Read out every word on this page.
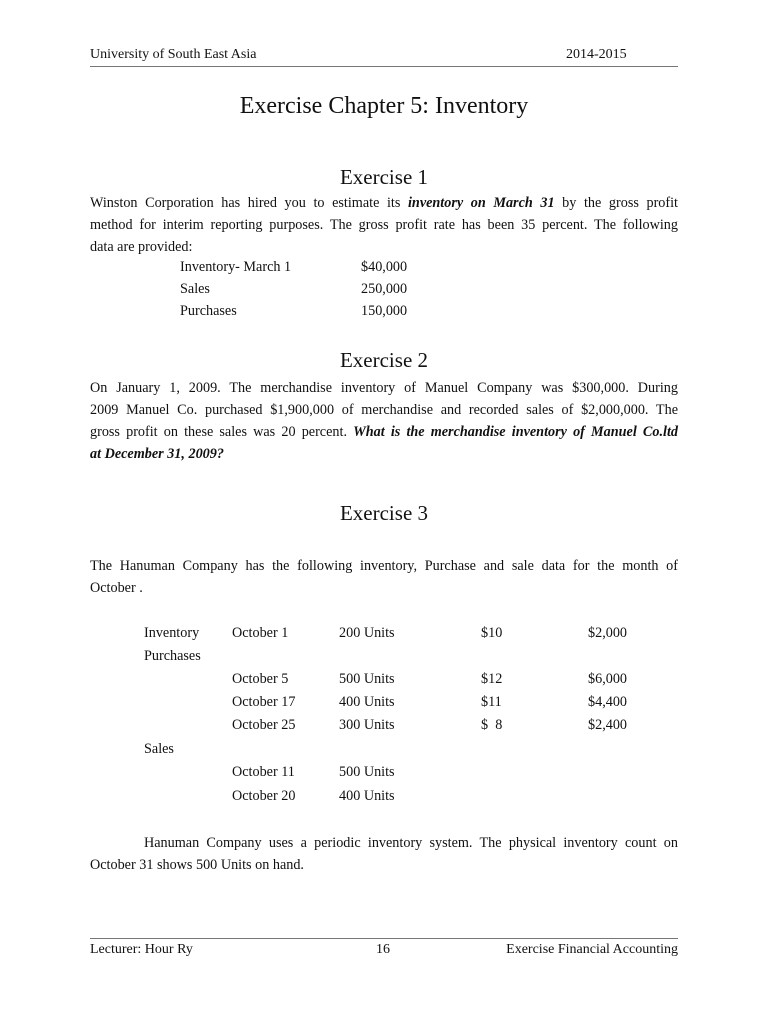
University of South East Asia	2014-2015
Exercise Chapter 5: Inventory
Exercise 1
Winston Corporation has hired you to estimate its inventory on March 31 by the gross profit
method for interim reporting purposes. The gross profit rate has been 35 percent. The following
data are provided:
Inventory- March 1	$40,000
Sales	250,000
Purchases	150,000
Exercise 2
On January 1, 2009. The merchandise inventory of Manuel Company was $300,000. During
2009 Manuel Co. purchased $1,900,000 of merchandise and recorded sales of $2,000,000. The
gross profit on these sales was 20 percent. What is the merchandise inventory of Manuel Co.ltd
at December 31, 2009?
Exercise 3
The Hanuman Company has the following inventory, Purchase and sale data for the month of
October .
Inventory October 1	200 Units	$10	$2,000
Purchases
October 5	500 Units	$12	$6,000
October 17	400 Units	$11	$4,400
October 25	300 Units	$  8	$2,400
Sales
October 11	500 Units
October 20	400 Units
Hanuman Company uses a periodic inventory system. The physical inventory count on
October 31 shows 500 Units on hand.
Lecturer: Hour Ry	16	Exercise Financial Accounting
